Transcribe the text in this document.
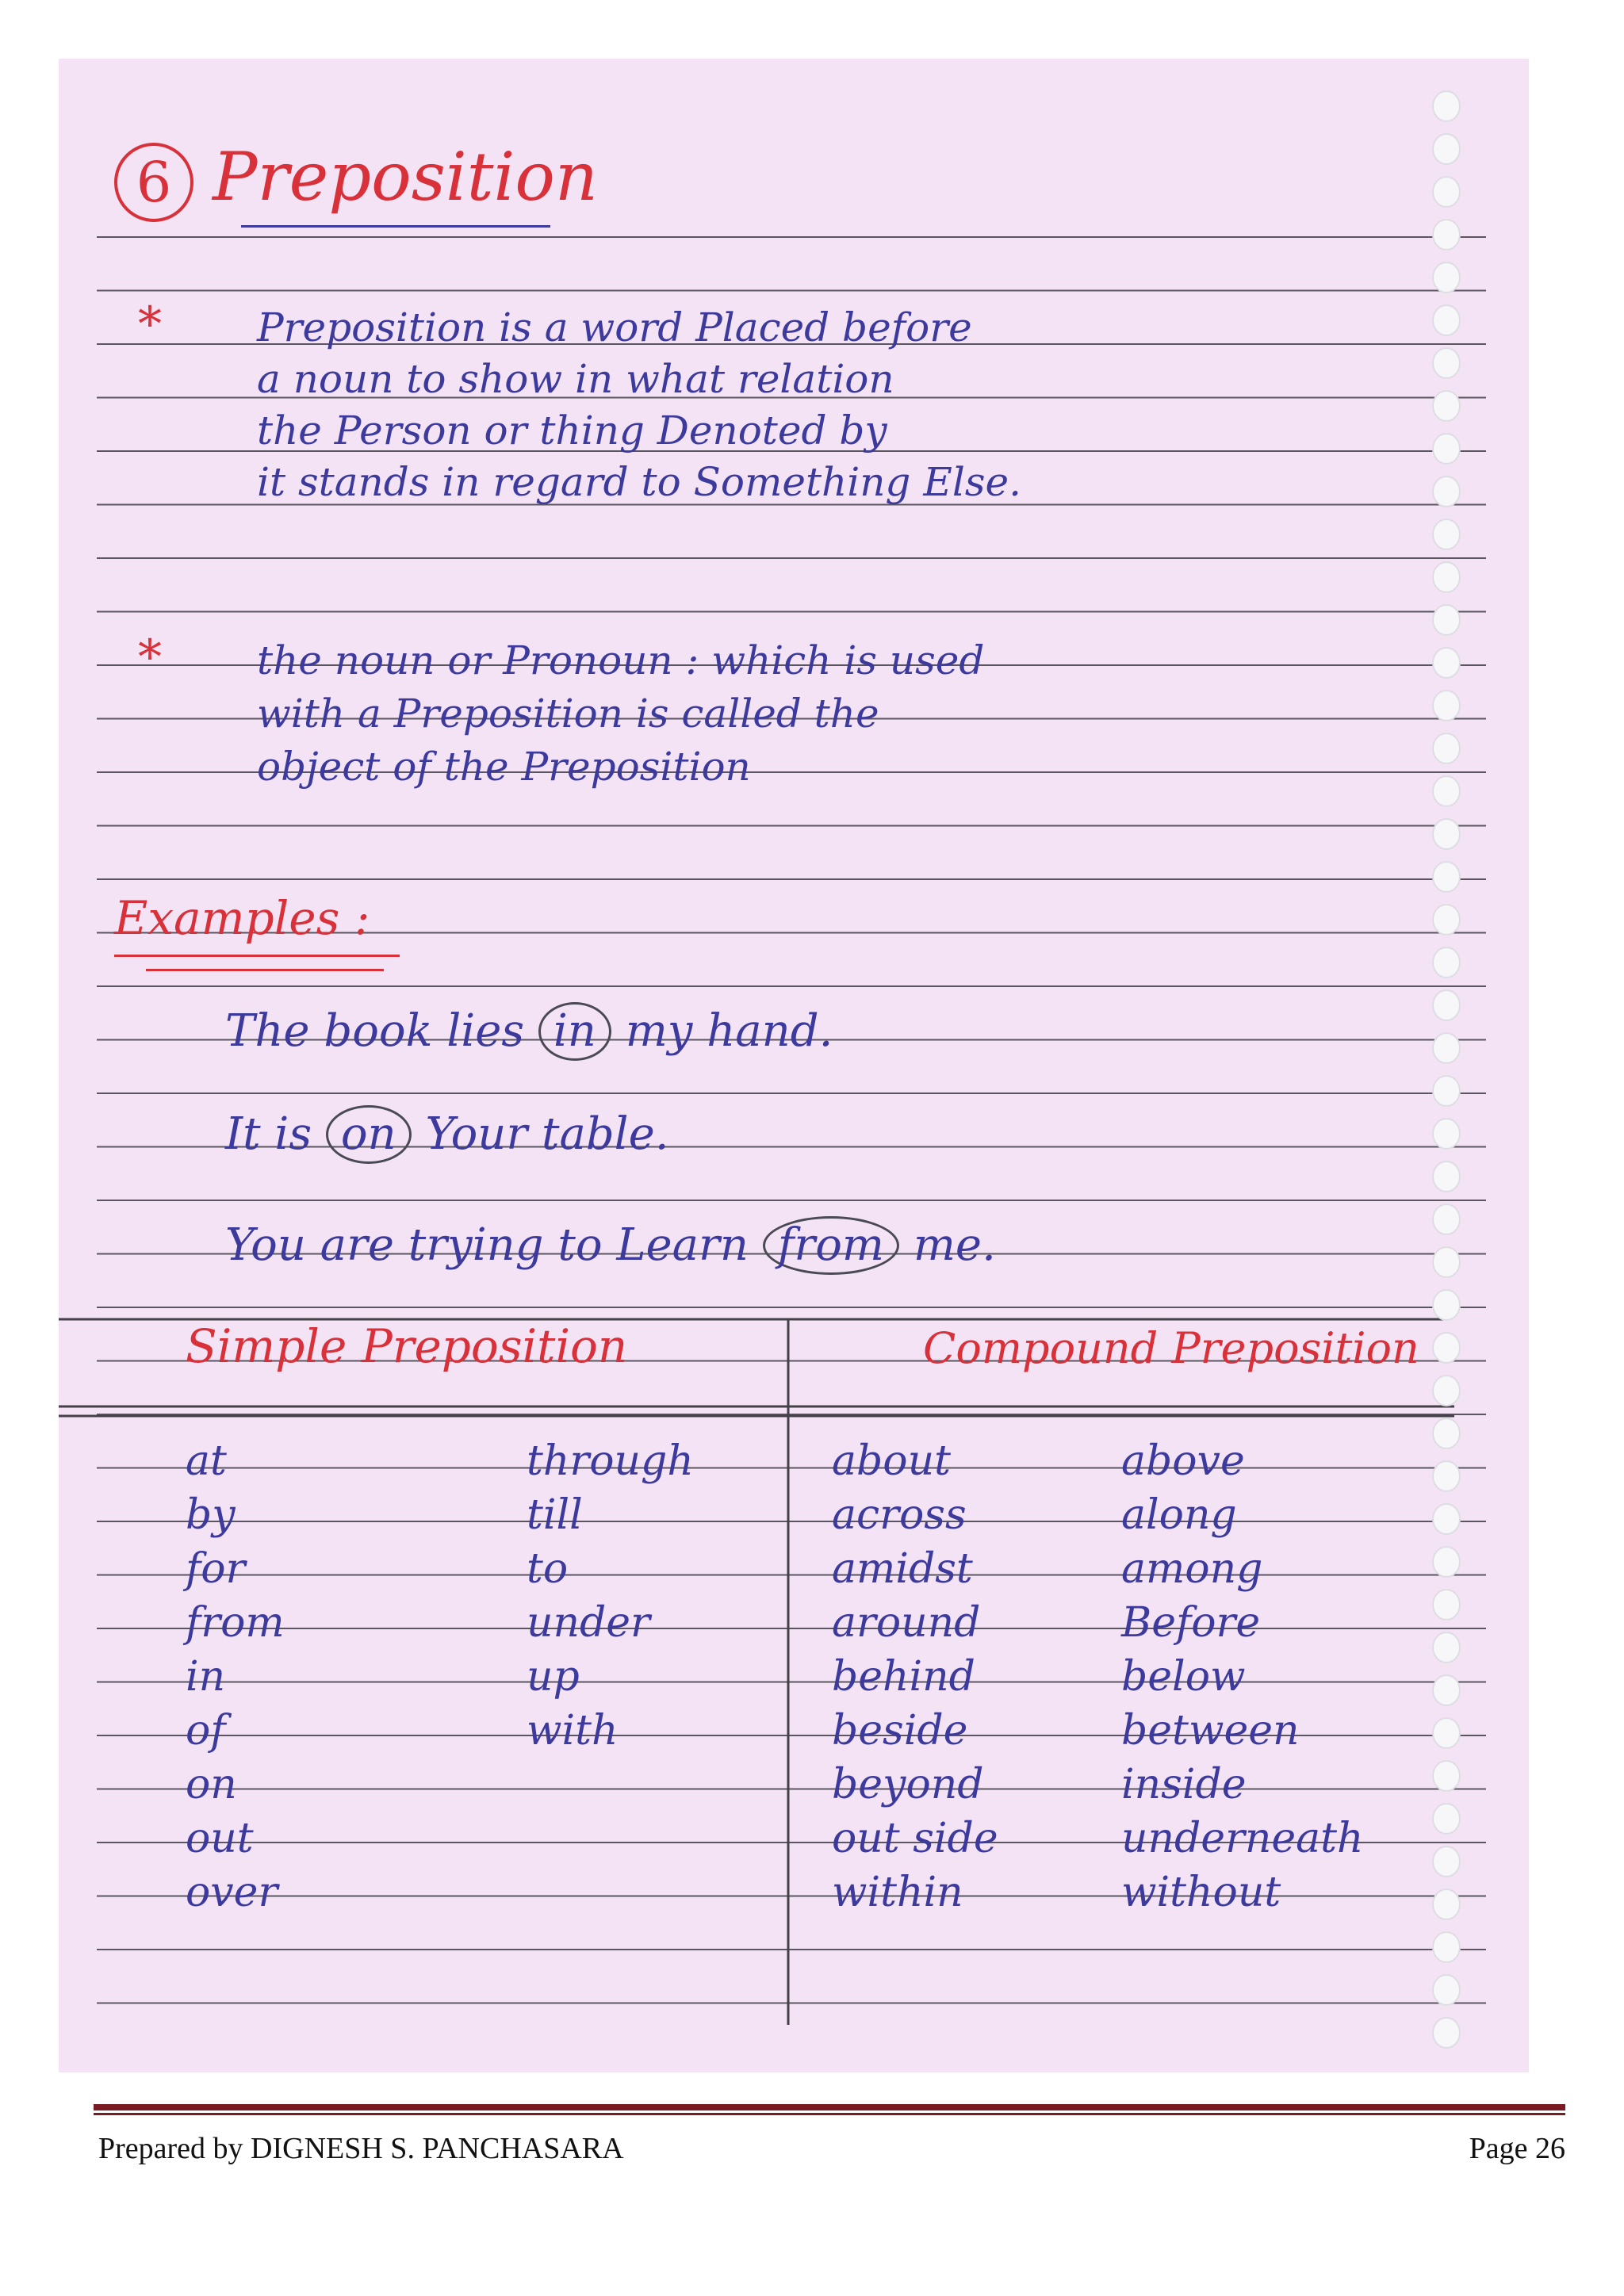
6 Preposition
* Preposition is a word Placed before
a noun to show in what relation
the Person or thing Denoted by
it stands in regard to Something Else.
* the noun or Pronoun : which is used
with a Preposition is called the
object of the Preposition
Examples :
The book lies in my hand.
It is on Your table.
You are trying to Learn from me.
Simple Preposition	Compound Preposition
at
by
for
from
in
of
on
out
over
through
till
to
under
up
with
about
across
amidst
around
behind
beside
beyond
out side
within
above
along
among
Before
below
between
inside
underneath
without
Prepared by DIGNESH S. PANCHASARA	Page 26
